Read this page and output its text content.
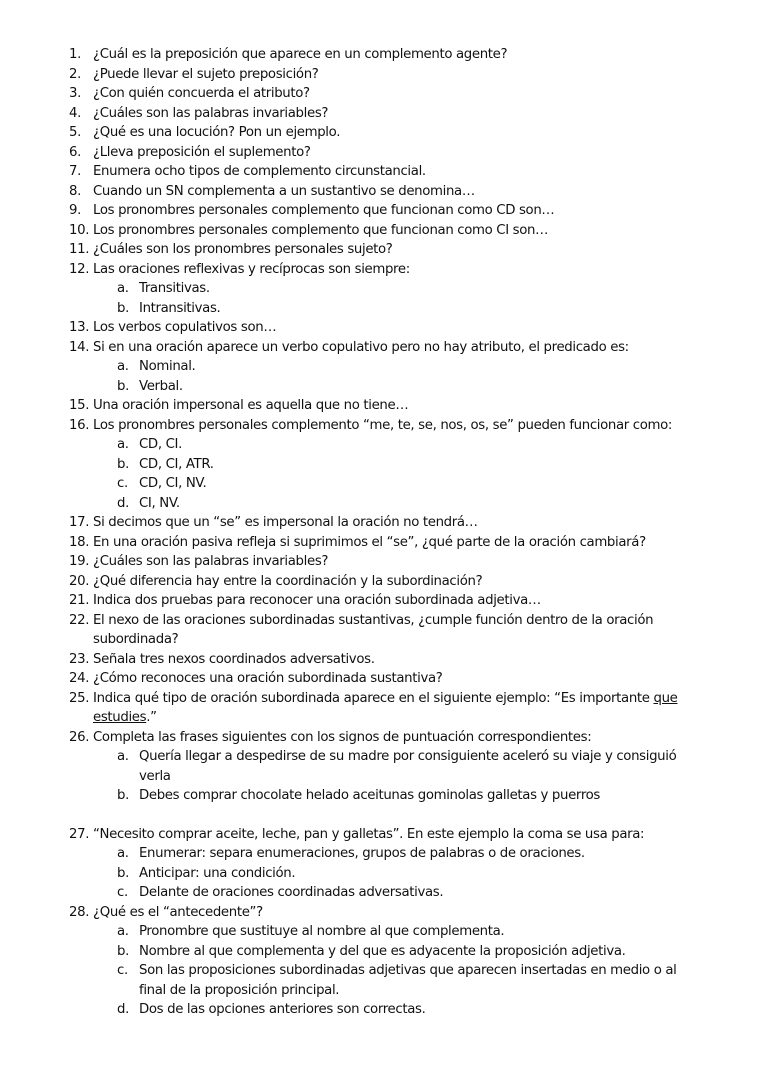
1. ¿Cuál es la preposición que aparece en un complemento agente?
2. ¿Puede llevar el sujeto preposición?
3. ¿Con quién concuerda el atributo?
4. ¿Cuáles son las palabras invariables?
5. ¿Qué es una locución? Pon un ejemplo.
6. ¿Lleva preposición el suplemento?
7. Enumera ocho tipos de complemento circunstancial.
8. Cuando un SN complementa a un sustantivo se denomina…
9. Los pronombres personales complemento que funcionan como CD son…
10. Los pronombres personales complemento que funcionan como CI son…
11. ¿Cuáles son los pronombres personales sujeto?
12. Las oraciones reflexivas y recíprocas son siempre:
a. Transitivas.
b. Intransitivas.
13. Los verbos copulativos son…
14. Si en una oración aparece un verbo copulativo pero no hay atributo, el predicado es:
a. Nominal.
b. Verbal.
15. Una oración impersonal es aquella que no tiene…
16. Los pronombres personales complemento “me, te, se, nos, os, se” pueden funcionar como:
a. CD, CI.
b. CD, CI, ATR.
c. CD, CI, NV.
d. CI, NV.
17. Si decimos que un “se” es impersonal la oración no tendrá…
18. En una oración pasiva refleja si suprimimos el “se”, ¿qué parte de la oración cambiará?
19. ¿Cuáles son las palabras invariables?
20. ¿Qué diferencia hay entre la coordinación y la subordinación?
21. Indica dos pruebas para reconocer una oración subordinada adjetiva…
22. El nexo de las oraciones subordinadas sustantivas, ¿cumple función dentro de la oración subordinada?
23. Señala tres nexos coordinados adversativos.
24. ¿Cómo reconoces una oración subordinada sustantiva?
25. Indica qué tipo de oración subordinada aparece en el siguiente ejemplo: “Es importante que estudies.”
26. Completa las frases siguientes con los signos de puntuación correspondientes:
a. Quería llegar a despedirse de su madre por consiguiente aceleró su viaje y consiguió verla
b. Debes comprar chocolate helado aceitunas gominolas galletas y puerros
27. “Necesito comprar aceite, leche, pan y galletas”. En este ejemplo la coma se usa para:
a. Enumerar: separa enumeraciones, grupos de palabras o de oraciones.
b. Anticipar: una condición.
c. Delante de oraciones coordinadas adversativas.
28. ¿Qué es el “antecedente”?
a. Pronombre que sustituye al nombre al que complementa.
b. Nombre al que complementa y del que es adyacente la proposición adjetiva.
c. Son las proposiciones subordinadas adjetivas que aparecen insertadas en medio o al final de la proposición principal.
d. Dos de las opciones anteriores son correctas.
